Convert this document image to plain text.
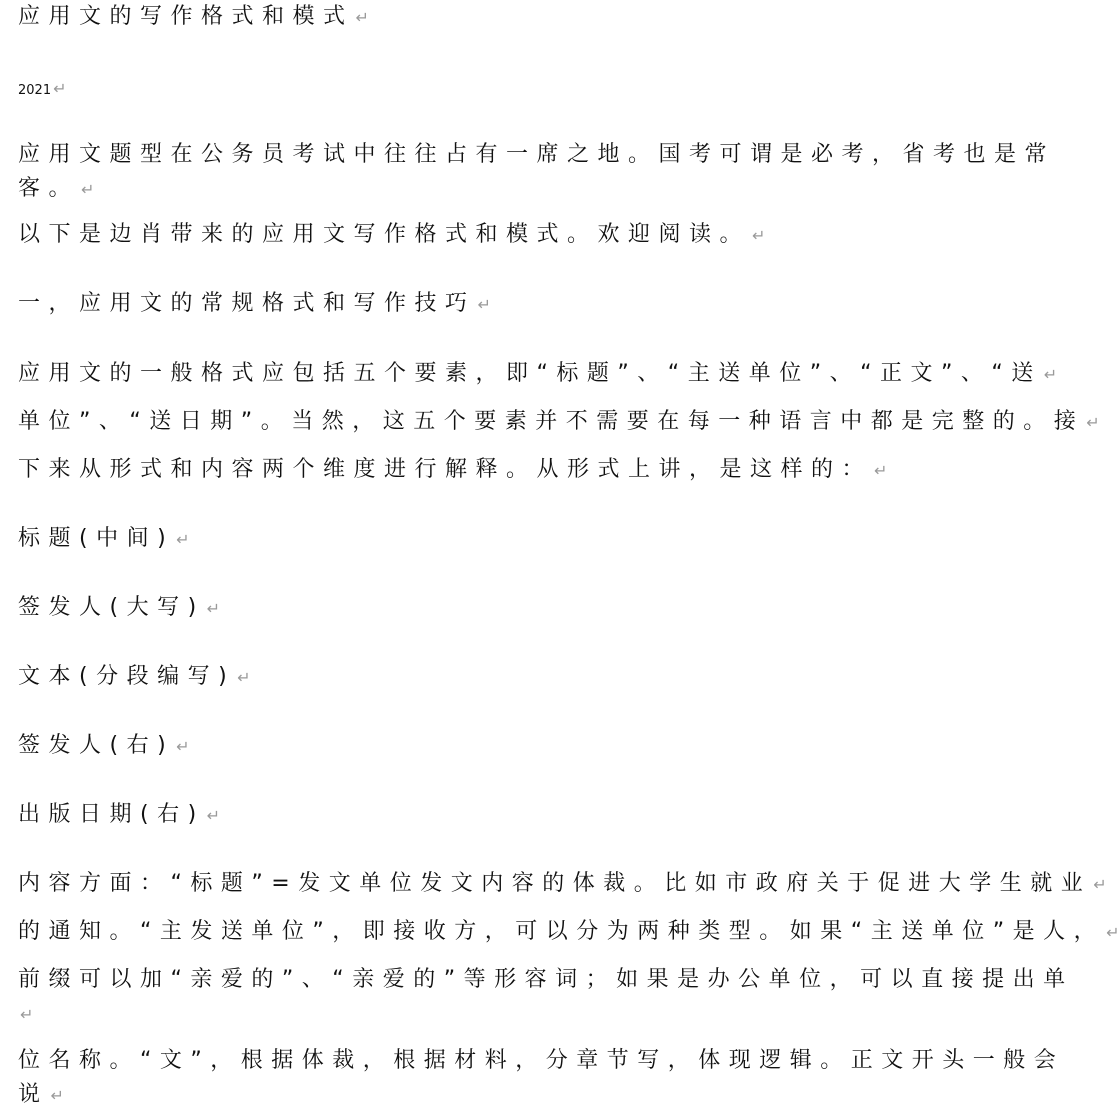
应用文的写作格式和模式 ↵
2021 ↵
应用文题型在公务员考试中往往占有一席之地。国考可谓是必考，省考也是常客。 ↵
以下是边肖带来的应用文写作格式和模式。欢迎阅读。 ↵
一，应用文的常规格式和写作技巧 ↵
应用文的一般格式应包括五个要素，即“标题”、“主送单位”、“正文”、“送 ↵
单位”、“送日期”。当然，这五个要素并不需要在每一种语言中都是完整的。接 ↵
下来从形式和内容两个维度进行解释。从形式上讲，是这样的： ↵
标题(中间) ↵
签发人(大写) ↵
文本(分段编写) ↵
签发人(右) ↵
出版日期(右) ↵
内容方面：“标题”=发文单位发文内容的体裁。比如市政府关于促进大学生就业 ↵
的通知。“主发送单位”，即接收方，可以分为两种类型。如果“主送单位”是人， ↵
前缀可以加“亲爱的”、“亲爱的”等形容词；如果是办公单位，可以直接提出单↵
位名称。“文”，根据体裁，根据材料，分章节写，体现逻辑。正文开头一般会说 ↵
